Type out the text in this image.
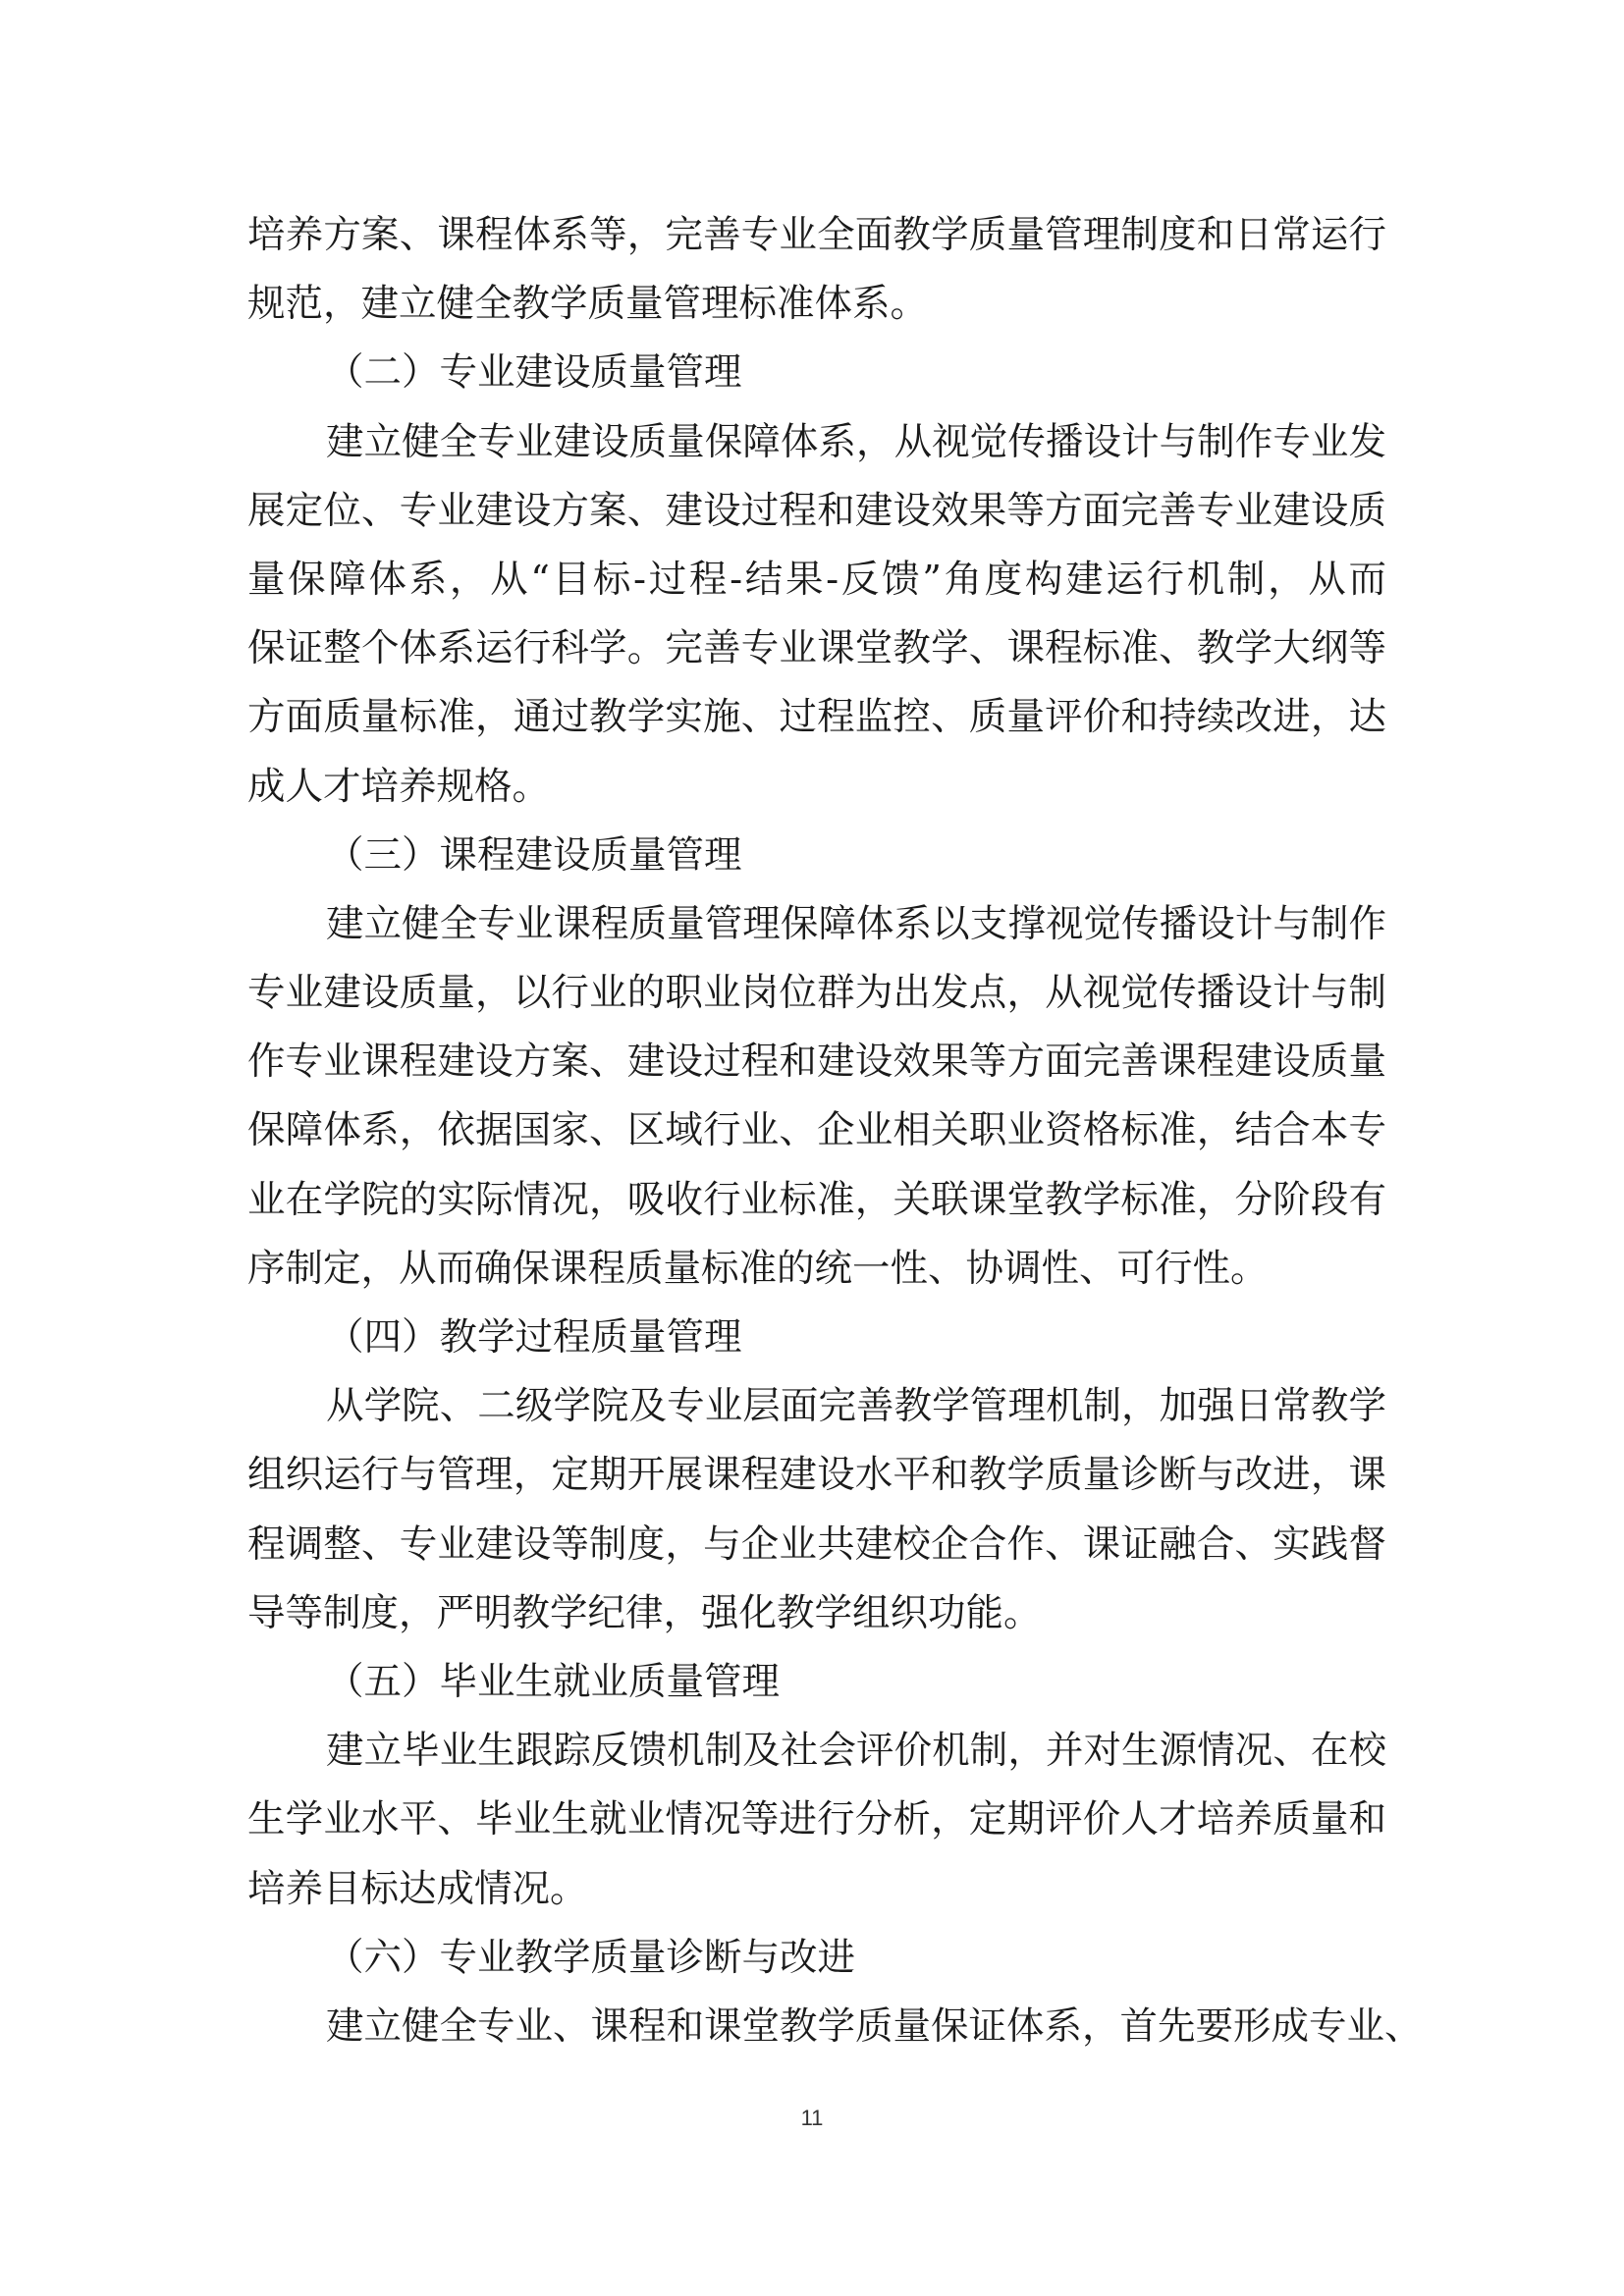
培养方案、课程体系等，完善专业全面教学质量管理制度和日常运行
规范，建立健全教学质量管理标准体系。
（二）专业建设质量管理
建立健全专业建设质量保障体系，从视觉传播设计与制作专业发
展定位、专业建设方案、建设过程和建设效果等方面完善专业建设质
量保障体系，从“目标-过程-结果-反馈”角度构建运行机制，从而
保证整个体系运行科学。完善专业课堂教学、课程标准、教学大纲等
方面质量标准，通过教学实施、过程监控、质量评价和持续改进，达
成人才培养规格。
（三）课程建设质量管理
建立健全专业课程质量管理保障体系以支撑视觉传播设计与制作
专业建设质量，以行业的职业岗位群为出发点，从视觉传播设计与制
作专业课程建设方案、建设过程和建设效果等方面完善课程建设质量
保障体系，依据国家、区域行业、企业相关职业资格标准，结合本专
业在学院的实际情况，吸收行业标准，关联课堂教学标准，分阶段有
序制定，从而确保课程质量标准的统一性、协调性、可行性。
（四）教学过程质量管理
从学院、二级学院及专业层面完善教学管理机制，加强日常教学
组织运行与管理，定期开展课程建设水平和教学质量诊断与改进，课
程调整、专业建设等制度，与企业共建校企合作、课证融合、实践督
导等制度，严明教学纪律，强化教学组织功能。
（五）毕业生就业质量管理
建立毕业生跟踪反馈机制及社会评价机制，并对生源情况、在校
生学业水平、毕业生就业情况等进行分析，定期评价人才培养质量和
培养目标达成情况。
（六）专业教学质量诊断与改进
建立健全专业、课程和课堂教学质量保证体系，首先要形成专业、
11
